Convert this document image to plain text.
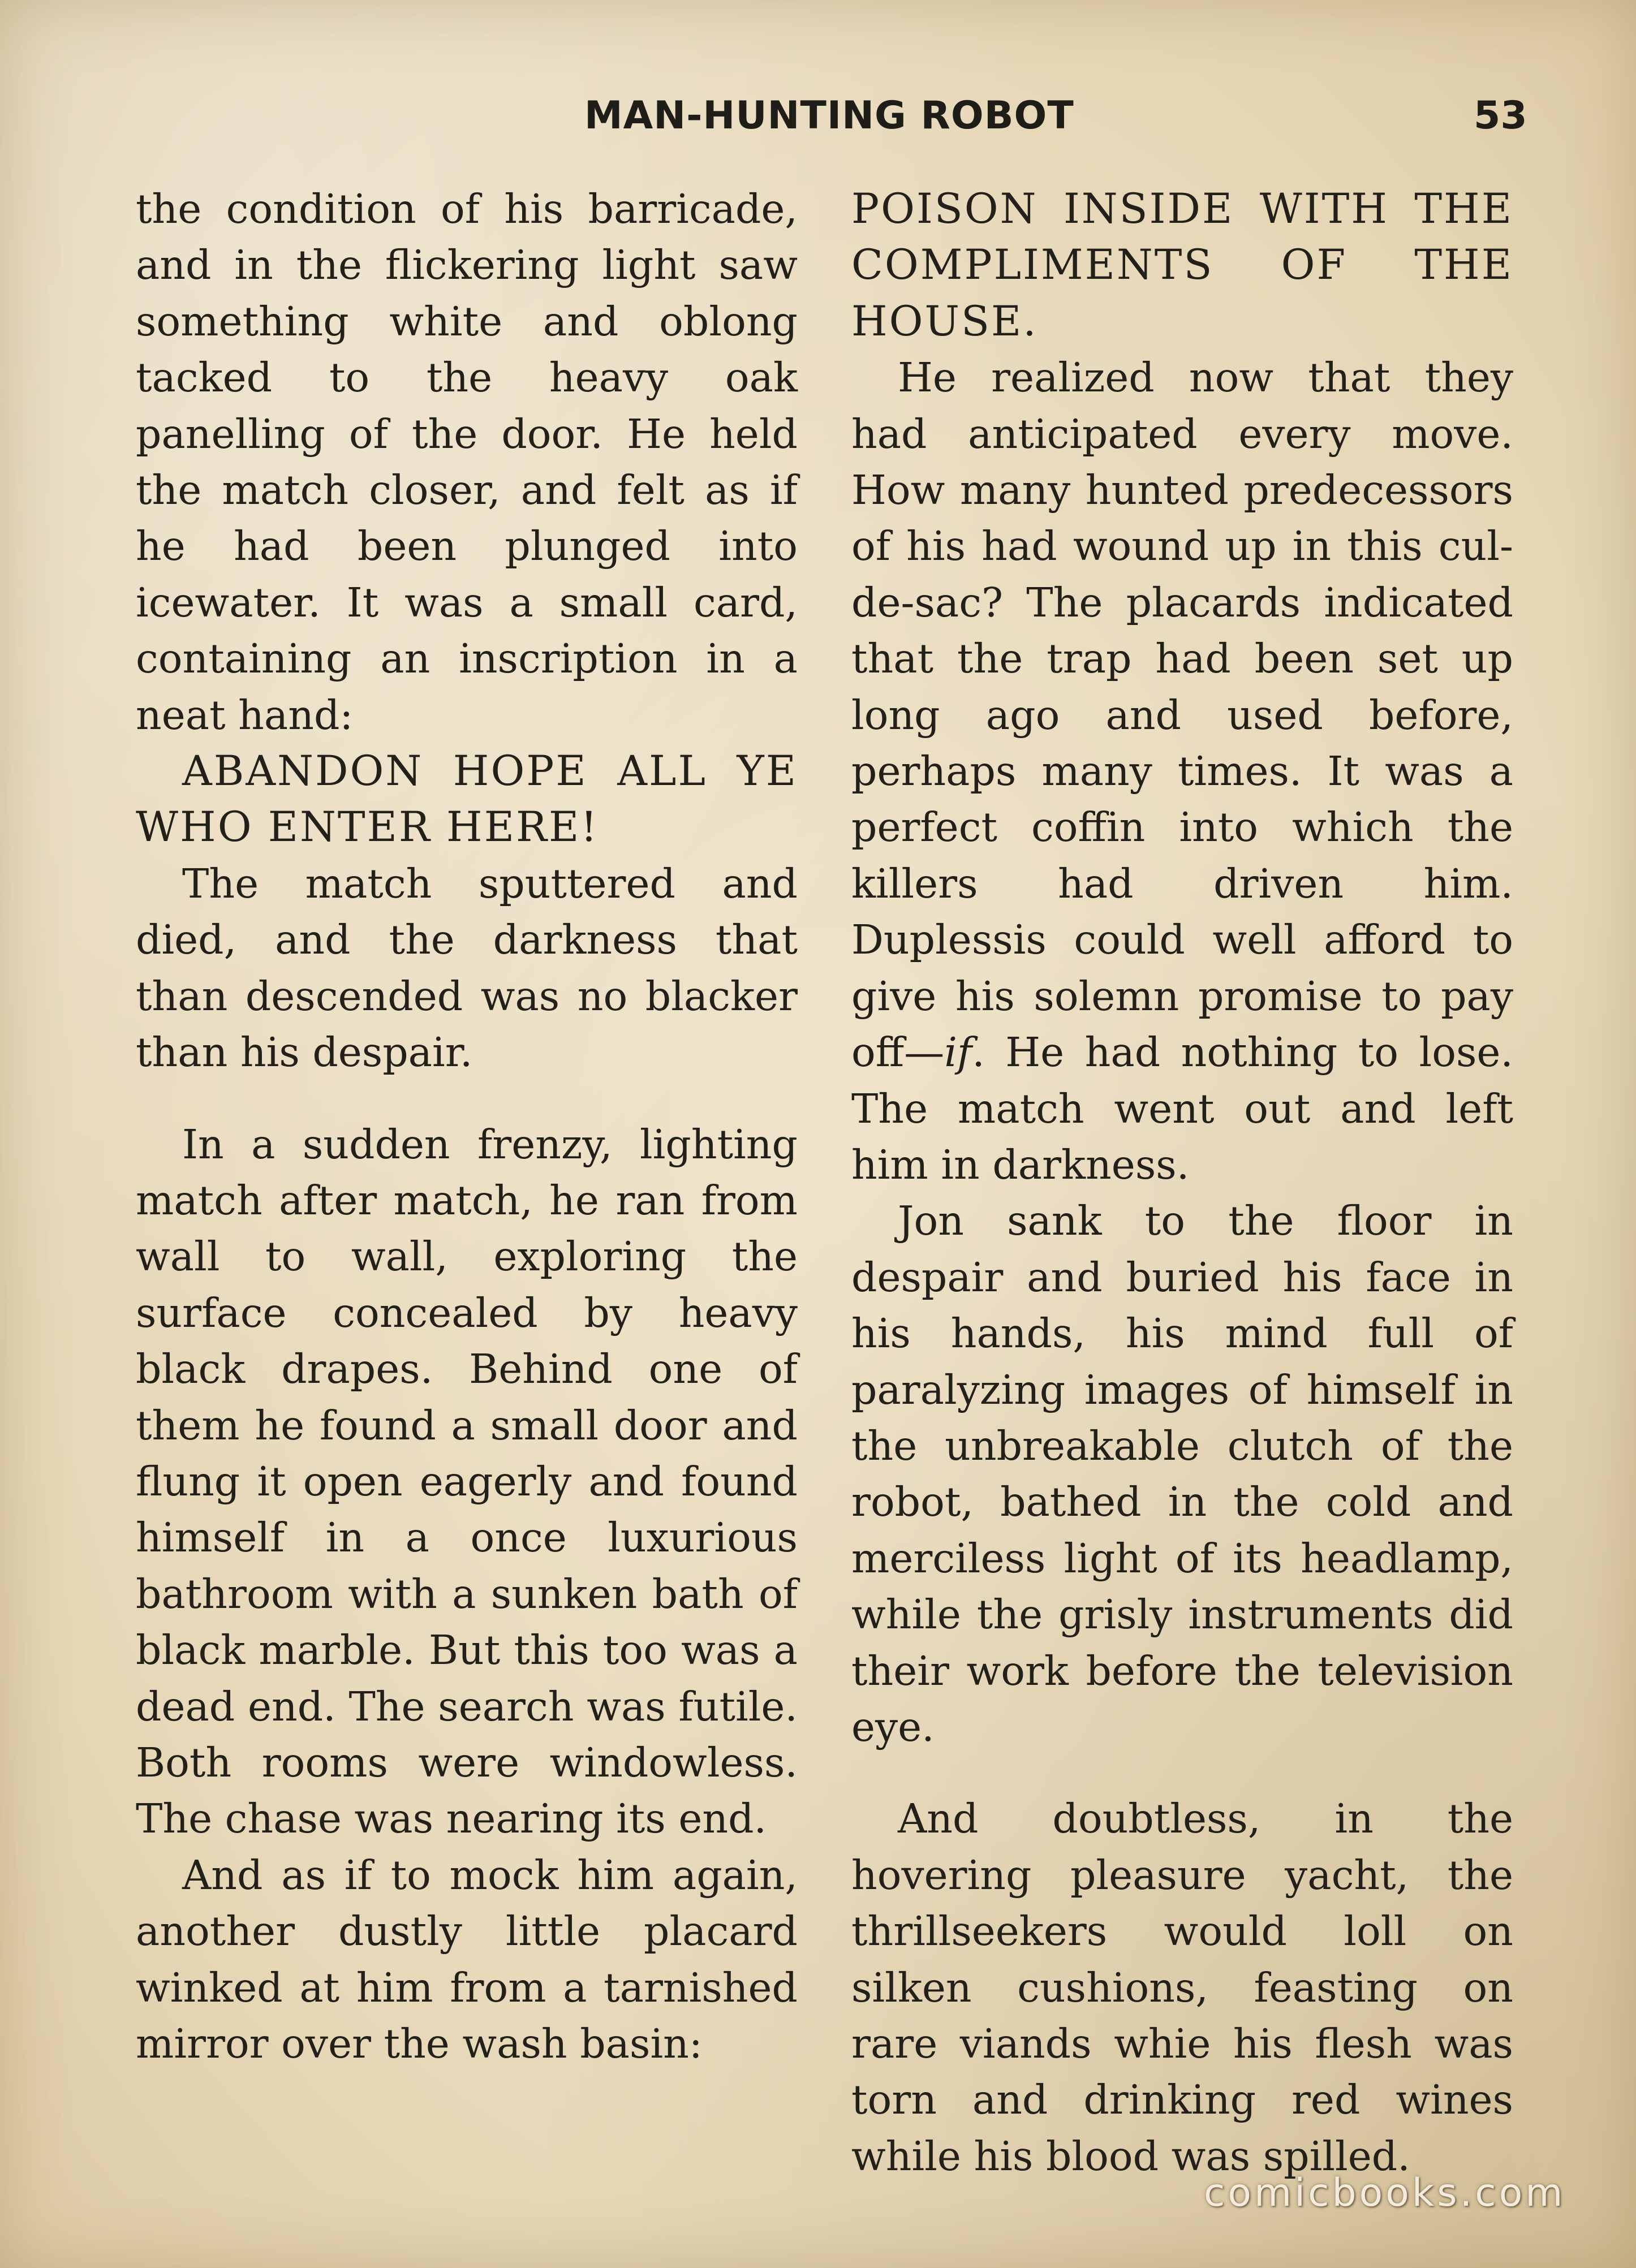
MAN-HUNTING ROBOT	53

the condition of his barricade, and in the flickering light saw something white and oblong tacked to the heavy oak panelling of the door. He held the match closer, and felt as if he had been plunged into icewater. It was a small card, containing an inscription in a neat hand:

ABANDON HOPE ALL YE WHO ENTER HERE!

The match sputtered and died, and the darkness that than descended was no blacker than his despair.

In a sudden frenzy, lighting match after match, he ran from wall to wall, exploring the surface concealed by heavy black drapes. Behind one of them he found a small door and flung it open eagerly and found himself in a once luxurious bathroom with a sunken bath of black marble. But this too was a dead end. The search was futile. Both rooms were windowless. The chase was nearing its end.

And as if to mock him again, another dustly little placard winked at him from a tarnished mirror over the wash basin:

POISON INSIDE WITH THE COMPLIMENTS OF THE HOUSE.

He realized now that they had anticipated every move. How many hunted predecessors of his had wound up in this cul-de-sac? The placards indicated that the trap had been set up long ago and used before, perhaps many times. It was a perfect coffin into which the killers had driven him. Duplessis could well afford to give his solemn promise to pay off—if. He had nothing to lose. The match went out and left him in darkness.

Jon sank to the floor in despair and buried his face in his hands, his mind full of paralyzing images of himself in the unbreakable clutch of the robot, bathed in the cold and merciless light of its headlamp, while the grisly instruments did their work before the television eye.

And doubtless, in the hovering pleasure yacht, the thrillseekers would loll on silken cushions, feasting on rare viands whie his flesh was torn and drinking red wines while his blood was spilled.

comicbooks.com
